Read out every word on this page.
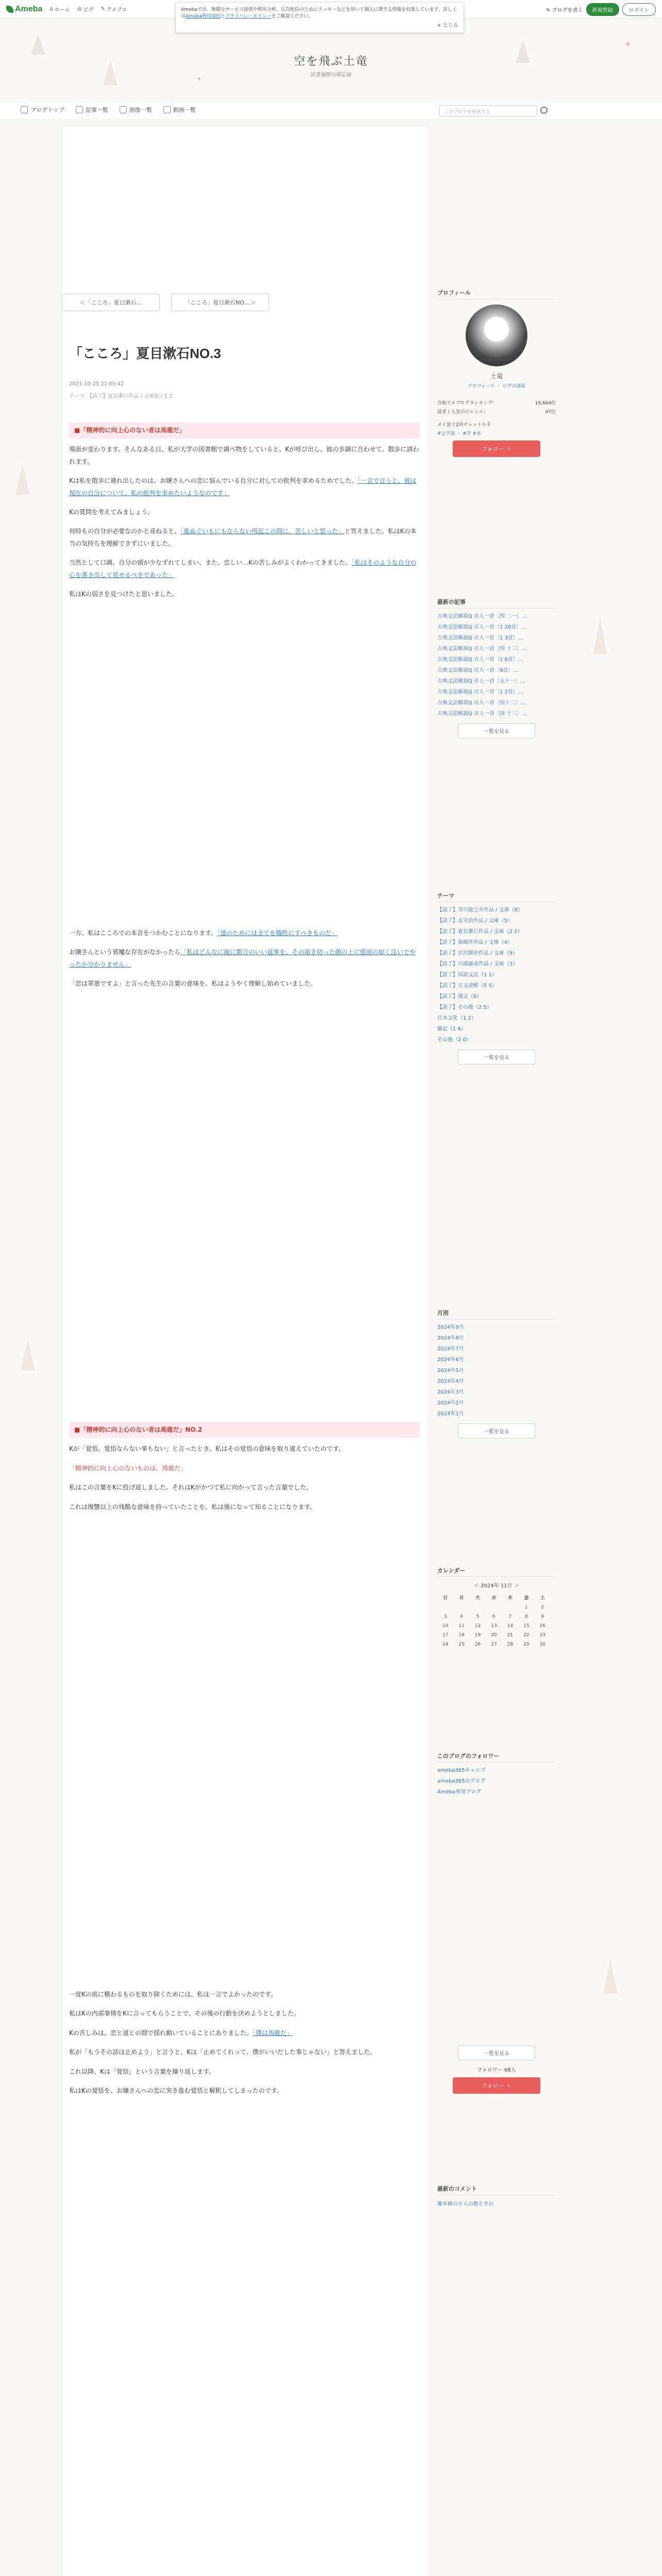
Ameba ⌂ ホーム ◎ ピグ ✎ アメブロ	✎ ブログを書く	新規登録	ログイン
Amebaでは、無償なサービス提供や利用分析、広告配信のためにクッキーなどを用いて個人に関する情報を収集しています。詳しくはAmeba利用規約とプライバシーポリシーをご確認ください。
× とじる
✦
✦
空を飛ぶ土竜
読書遍歴の備忘録
ブログトップ	記事一覧	画像一覧	動画一覧	このブログを検索する
＜「こころ」夏目漱石…	「こころ」夏目漱石NO…＞
「こころ」夏目漱石NO.3
2021-10-25 21:09:42
テーマ：【読了】夏目漱石作品 / 文庫版 / 2 2
■「精神的に向上心のない者は馬鹿だ」

場面が変わります。そんなある日、私が大学の図書館で調べ物をしていると、Kが呼び出し、彼の歩調に合わせて、散歩に誘われます。

Kは私を散歩に連れ出したのは、お嬢さんへの恋に悩んでいる自分に対しての批判を求めるためでした。「一言で言うと、彼は現在の自分について、私の批判を求めたいようなのです」

Kの質問を考えてみましょう。

何時もの自分が必要なのかと尋ねると、「進ぬぐいもにもならない所迄この間に、苦しいと思った」と答えました。私はKの本当の気持ちを理解できずにいました。

当然として口調、自分の頭が少なずれてしまい、また、恋しい…Kの苦しみがよくわかってきました。「私はそのような自分の心を書き出して見せるべきであった」

私はKの弱さを見つけたと思いました。

一方、私はこころでの本音をつかむことになります。「道のためには全てを犠牲にすべきものだ」

お嬢さんという邪魔な存在がなかったら「私はどんなに彼に都合のいい返事を、その渇き切った顔の上に慈雨の如く注いでやったか分かりません」

「恋は罪悪ですよ」と言った先生の言葉の意味を、私はようやく理解し始めていました。

■「精神的に向上心のない者は馬鹿だ」NO.2

Kが「覚悟、覚悟ならない事もない」と言ったとき、私はその覚悟の意味を取り違えていたのです。

「精神的に向上心のないものは、馬鹿だ」

私はこの言葉をKに投げ返しました。それはKがかつて私に向かって言った言葉でした。

これは復讐以上の残酷な意味を持っていたことを、私は後になって知ることになります。

一度Kの前に横わるものを取り除くためには、私は一言でよかったのです。

私はKの内部事情をKに言ってもらうことで、その後の行動を決めようとしました。

Kの苦しみは、恋と道との間で揺れ動いていることにありました。「僕は馬鹿だ」

私が「もうその話は止めよう」と言うと、Kは「止めてくれって、僕がいいだした事じゃない」と答えました。

これ以降、Kは「覚悟」という言葉を繰り返します。

私はKの覚悟を、お嬢さんへの恋に突き進む覚悟と解釈してしまったのです。

プロフィール
土竜
プロフィール ・ ピグの部屋
自称アメブログランキング：	19,664位
読者 / 人気のジャンル：	47位
メイ窓十2回チャット小手
#文学部 ・ #学 #本
フォロー ＋
最新の記事
古典文法解説Q 百人一首〔四 二一〕…
古典文法解説Q 百人一首〔1 26首〕…
古典文法解説Q 百人一首〔1 3首〕…
古典文法解説Q 百人一首〔四 十三〕…
古典文法解説Q 百人一首〔1 6首〕…
古典文法解説Q 百人一首〔9首〕…
古典文法解説Q 百人一首〔五十一〕…
古典文法解説Q 百人一首〔1 2首〕…
古典文法解説Q 百人一首〔四十二〕…
古典文法解説Q 百人一首〔四 十三〕…
一覧を見る
テーマ
【読了】芥川龍之介作品 / 文庫（8）
【読了】太宰治作品 / 文庫（5）
【読了】夏目漱石作品 / 文庫（2 2）
【読了】森鴎外作品 / 文庫（4）
【読了】宮沢賢治作品 / 文庫（9）
【読了】川端康成作品 / 文庫（3）
【読了】国語文法（1 1）
【読了】古文読解（5 5）
【読了】漢文（6）
【読了】その他（2 5）
日本文化（1 2）
雑記（1 8）
その他（2 0）
一覧を見る
月別
2024年9月
2024年8月
2024年7月
2024年6月
2024年5月
2024年4月
2024年3月
2024年2月
2024年1月
一覧を見る
カレンダー
＜ 2024年 11月 ＞
日	月	火	水	木	金	土
					1	2
3	4	5	6	7	8	9
10	11	12	13	14	15	16
17	18	19	20	21	22	23
24	25	26	27	28	29	30
このブログのフォロワー
ameba365キャンプ
ameba365のブログ
Ameba専用ブログ
一覧を見る
フォロワー 68人
フォロー ＋
最新のコメント
雑木林の小人の数とそれ
